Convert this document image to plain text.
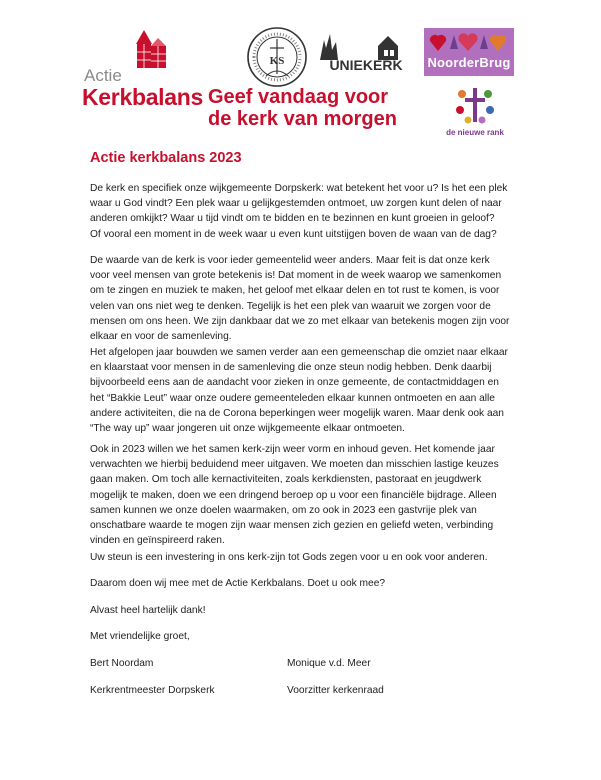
Actie
Kerkbalans Geef vandaag voor
de kerk van morgen
KS	UNIEKERK NoorderBrug
de nieuwe rank
Actie kerkbalans 2023
De kerk en specifiek onze wijkgemeente Dorpskerk: wat betekent het voor u? Is het een plek
waar u God vindt? Een plek waar u gelijkgestemden ontmoet, uw zorgen kunt delen of naar
anderen omkijkt? Waar u tijd vindt om te bidden en te bezinnen en kunt groeien in geloof?
Of vooral een moment in de week waar u even kunt uitstijgen boven de waan van de dag?
De waarde van de kerk is voor ieder gemeentelid weer anders. Maar feit is dat onze kerk
voor veel mensen van grote betekenis is! Dat moment in de week waarop we samenkomen
om te zingen en muziek te maken, het geloof met elkaar delen en tot rust te komen, is voor
velen van ons niet weg te denken. Tegelijk is het een plek van waaruit we zorgen voor de
mensen om ons heen. We zijn dankbaar dat we zo met elkaar van betekenis mogen zijn voor
elkaar en voor de samenleving.
Het afgelopen jaar bouwden we samen verder aan een gemeenschap die omziet naar elkaar
en klaarstaat voor mensen in de samenleving die onze steun nodig hebben. Denk daarbij
bijvoorbeeld eens aan de aandacht voor zieken in onze gemeente, de contactmiddagen en
het “Bakkie Leut” waar onze oudere gemeenteleden elkaar kunnen ontmoeten en aan alle
andere activiteiten, die na de Corona beperkingen weer mogelijk waren. Maar denk ook aan
“The way up” waar jongeren uit onze wijkgemeente elkaar ontmoeten.
Ook in 2023 willen we het samen kerk-zijn weer vorm en inhoud geven. Het komende jaar
verwachten we hierbij beduidend meer uitgaven. We moeten dan misschien lastige keuzes
gaan maken. Om toch alle kernactiviteiten, zoals kerkdiensten, pastoraat en jeugdwerk
mogelijk te maken, doen we een dringend beroep op u voor een financiële bijdrage. Alleen
samen kunnen we onze doelen waarmaken, om zo ook in 2023 een gastvrije plek van
onschatbare waarde te mogen zijn waar mensen zich gezien en geliefd weten, verbinding
vinden en geïnspireerd raken.
Uw steun is een investering in ons kerk-zijn tot Gods zegen voor u en ook voor anderen.
Daarom doen wij mee met de Actie Kerkbalans. Doet u ook mee?
Alvast heel hartelijk dank!
Met vriendelijke groet,
Bert Noordam	Monique v.d. Meer
Kerkrentmeester Dorpskerk	Voorzitter kerkenraad
